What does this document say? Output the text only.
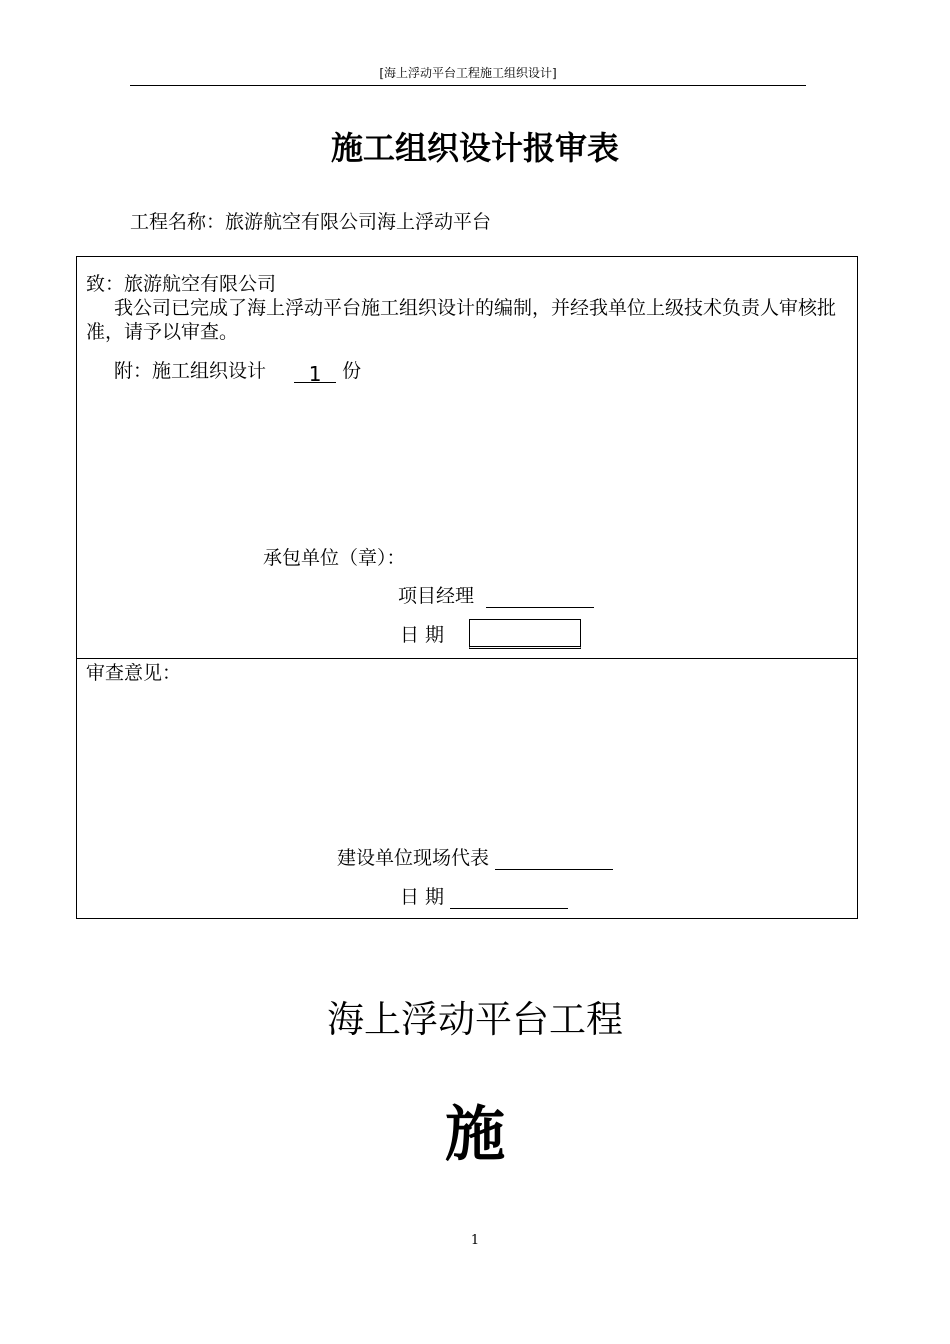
[海上浮动平台工程施工组织设计]
施工组织设计报审表
工程名称：旅游航空有限公司海上浮动平台
致：旅游航空有限公司
我公司已完成了海上浮动平台施工组织设计的编制，并经我单位上级技术负责人审核批准，请予以审查。
附：施工组织设计 1 份
承包单位（章）：
项目经理
日 期
审查意见：
建设单位现场代表
日 期
海上浮动平台工程
施
1
